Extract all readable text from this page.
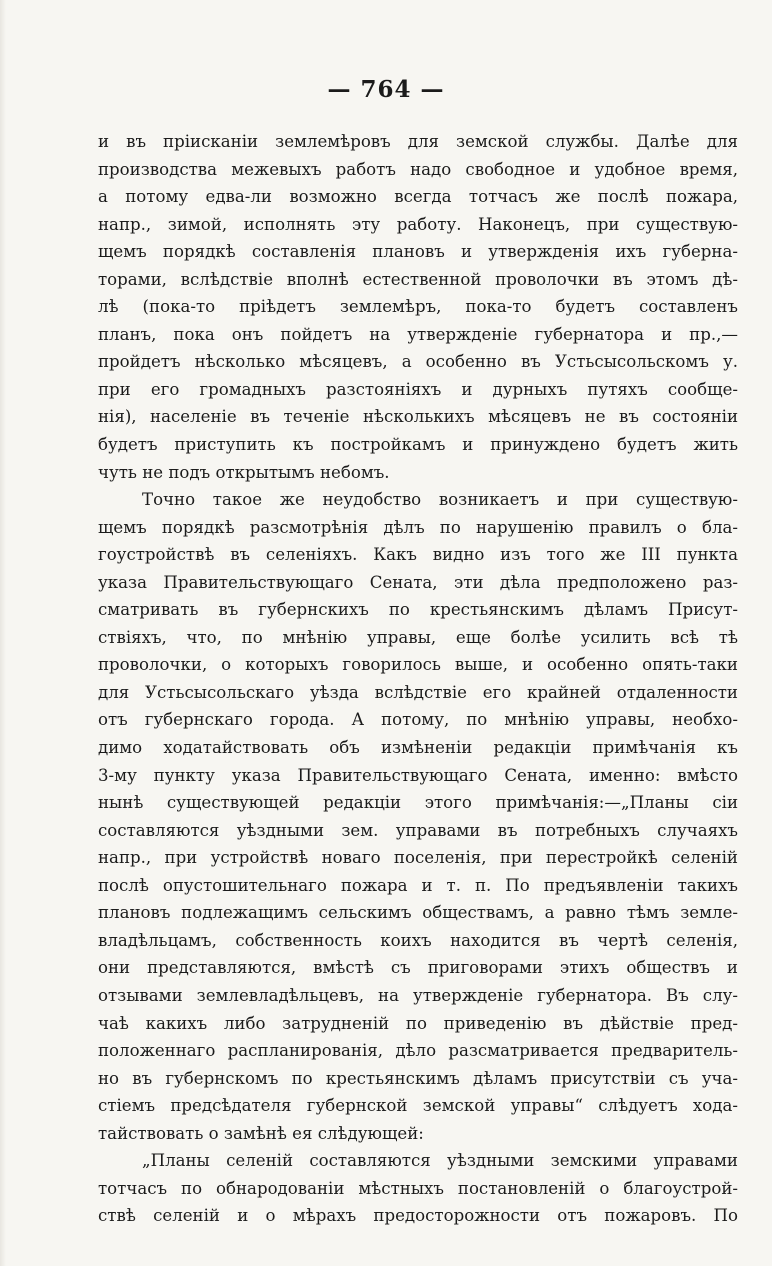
— 764 —
и въ прiисканiи землемѣровъ для земской службы. Далѣе для
производства межевыхъ работъ надо свободное и удобное время,
а потому едва-ли возможно всегда тотчасъ же послѣ пожара,
напр., зимой, исполнять эту работу. Наконецъ, при существую-
щемъ порядкѣ составленiя плановъ и утвержденiя ихъ губерна-
торами, вслѣдствiе вполнѣ естественной проволочки въ этомъ дѣ-
лѣ (пока-то прiѣдетъ землемѣръ, пока-то будетъ составленъ
планъ, пока онъ пойдетъ на утвержденiе губернатора и пр.,—
пройдетъ нѣсколько мѣсяцевъ, а особенно въ Устьсысольскомъ у.
при его громадныхъ разстоянiяхъ и дурныхъ путяхъ сообще-
нiя), населенiе въ теченiе нѣсколькихъ мѣсяцевъ не въ состоянiи
будетъ приступить къ постройкамъ и принуждено будетъ жить
чуть не подъ открытымъ небомъ.
Точно такое же неудобство возникаетъ и при существую-
щемъ порядкѣ разсмотрѣнiя дѣлъ по нарушенiю правилъ о бла-
гоустройствѣ въ селенiяхъ. Какъ видно изъ того же III пункта
указа Правительствующаго Сената, эти дѣла предположено раз-
сматривать въ губернскихъ по крестьянскимъ дѣламъ Присут-
ствiяхъ, что, по мнѣнiю управы, еще болѣе усилить всѣ тѣ
проволочки, о которыхъ говорилось выше, и особенно опять-таки
для Устьсысольскаго уѣзда вслѣдствiе его крайней отдаленности
отъ губернскаго города. А потому, по мнѣнiю управы, необхо-
димо ходатайствовать объ измѣненiи редакцiи примѣчанiя къ
3-му пункту указа Правительствующаго Сената, именно: вмѣсто
нынѣ существующей редакцiи этого примѣчанiя:—„Планы сiи
составляются уѣздными зем. управами въ потребныхъ случаяхъ
напр., при устройствѣ новаго поселенiя, при перестройкѣ селенiй
послѣ опустошительнаго пожара и т. п. По предъявленiи такихъ
плановъ подлежащимъ сельскимъ обществамъ, а равно тѣмъ земле-
владѣльцамъ, собственность коихъ находится въ чертѣ селенiя,
они представляются, вмѣстѣ съ приговорами этихъ обществъ и
отзывами землевладѣльцевъ, на утвержденiе губернатора. Въ слу-
чаѣ какихъ либо затрудненiй по приведенiю въ дѣйствiе пред-
положеннаго распланированiя, дѣло разсматривается предваритель-
но въ губернскомъ по крестьянскимъ дѣламъ присутствiи съ уча-
стiемъ предсѣдателя губернской земской управы“ слѣдуетъ хода-
тайствовать о замѣнѣ ея слѣдующей:
„Планы селенiй составляются уѣздными земскими управами
тотчасъ по обнародованiи мѣстныхъ постановленiй о благоустрой-
ствѣ селенiй и о мѣрахъ предосторожности отъ пожаровъ. По
